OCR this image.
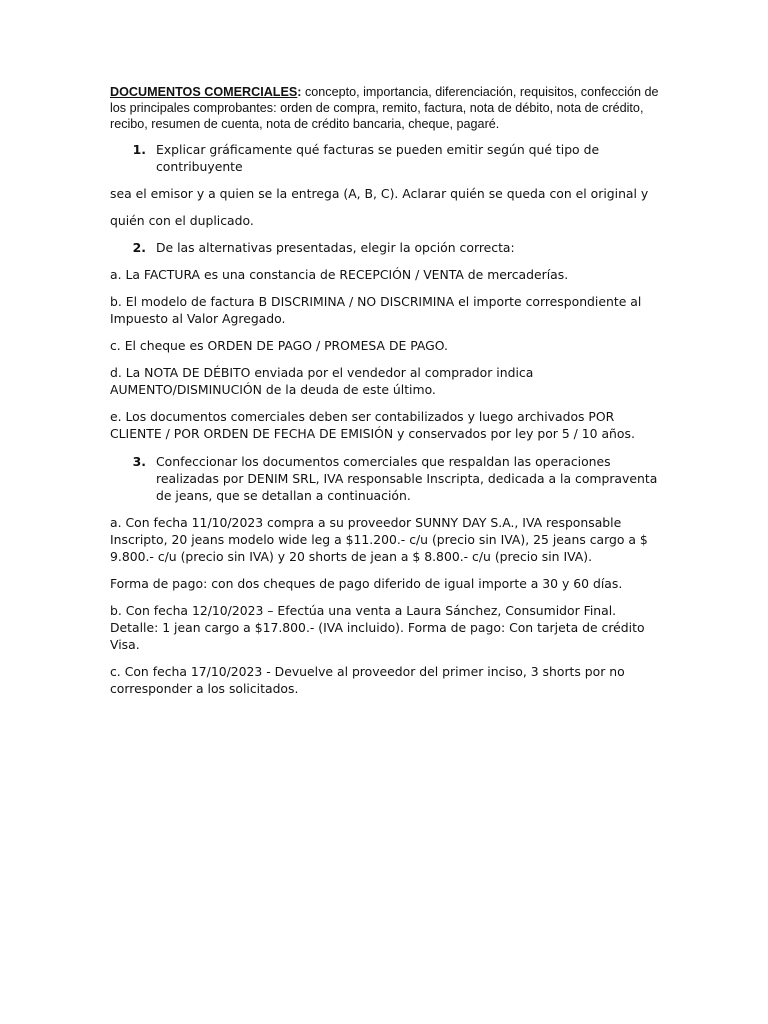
DOCUMENTOS COMERCIALES: concepto, importancia, diferenciación, requisitos, confección de los principales comprobantes: orden de compra, remito, factura, nota de débito, nota de crédito, recibo, resumen de cuenta, nota de crédito bancaria, cheque, pagaré.

1. Explicar gráficamente qué facturas se pueden emitir según qué tipo de contribuyente

sea el emisor y a quien se la entrega (A, B, C). Aclarar quién se queda con el original y

quién con el duplicado.

2. De las alternativas presentadas, elegir la opción correcta:

a. La FACTURA es una constancia de RECEPCIÓN / VENTA de mercaderías.

b. El modelo de factura B DISCRIMINA / NO DISCRIMINA el importe correspondiente al Impuesto al Valor Agregado.

c. El cheque es ORDEN DE PAGO / PROMESA DE PAGO.

d. La NOTA DE DÉBITO enviada por el vendedor al comprador indica AUMENTO/DISMINUCIÓN de la deuda de este último.

e. Los documentos comerciales deben ser contabilizados y luego archivados POR CLIENTE / POR ORDEN DE FECHA DE EMISIÓN y conservados por ley por 5 / 10 años.

3. Confeccionar los documentos comerciales que respaldan las operaciones realizadas por DENIM SRL, IVA responsable Inscripta, dedicada a la compraventa de jeans, que se detallan a continuación.

a. Con fecha 11/10/2023 compra a su proveedor SUNNY DAY S.A., IVA responsable Inscripto, 20 jeans modelo wide leg a $11.200.- c/u (precio sin IVA), 25 jeans cargo a $ 9.800.- c/u (precio sin IVA) y 20 shorts de jean a $ 8.800.- c/u (precio sin IVA).

Forma de pago: con dos cheques de pago diferido de igual importe a 30 y 60 días.

b. Con fecha 12/10/2023 – Efectúa una venta a Laura Sánchez, Consumidor Final. Detalle: 1 jean cargo a $17.800.- (IVA incluido). Forma de pago: Con tarjeta de crédito Visa.

c. Con fecha 17/10/2023 - Devuelve al proveedor del primer inciso, 3 shorts por no corresponder a los solicitados.
